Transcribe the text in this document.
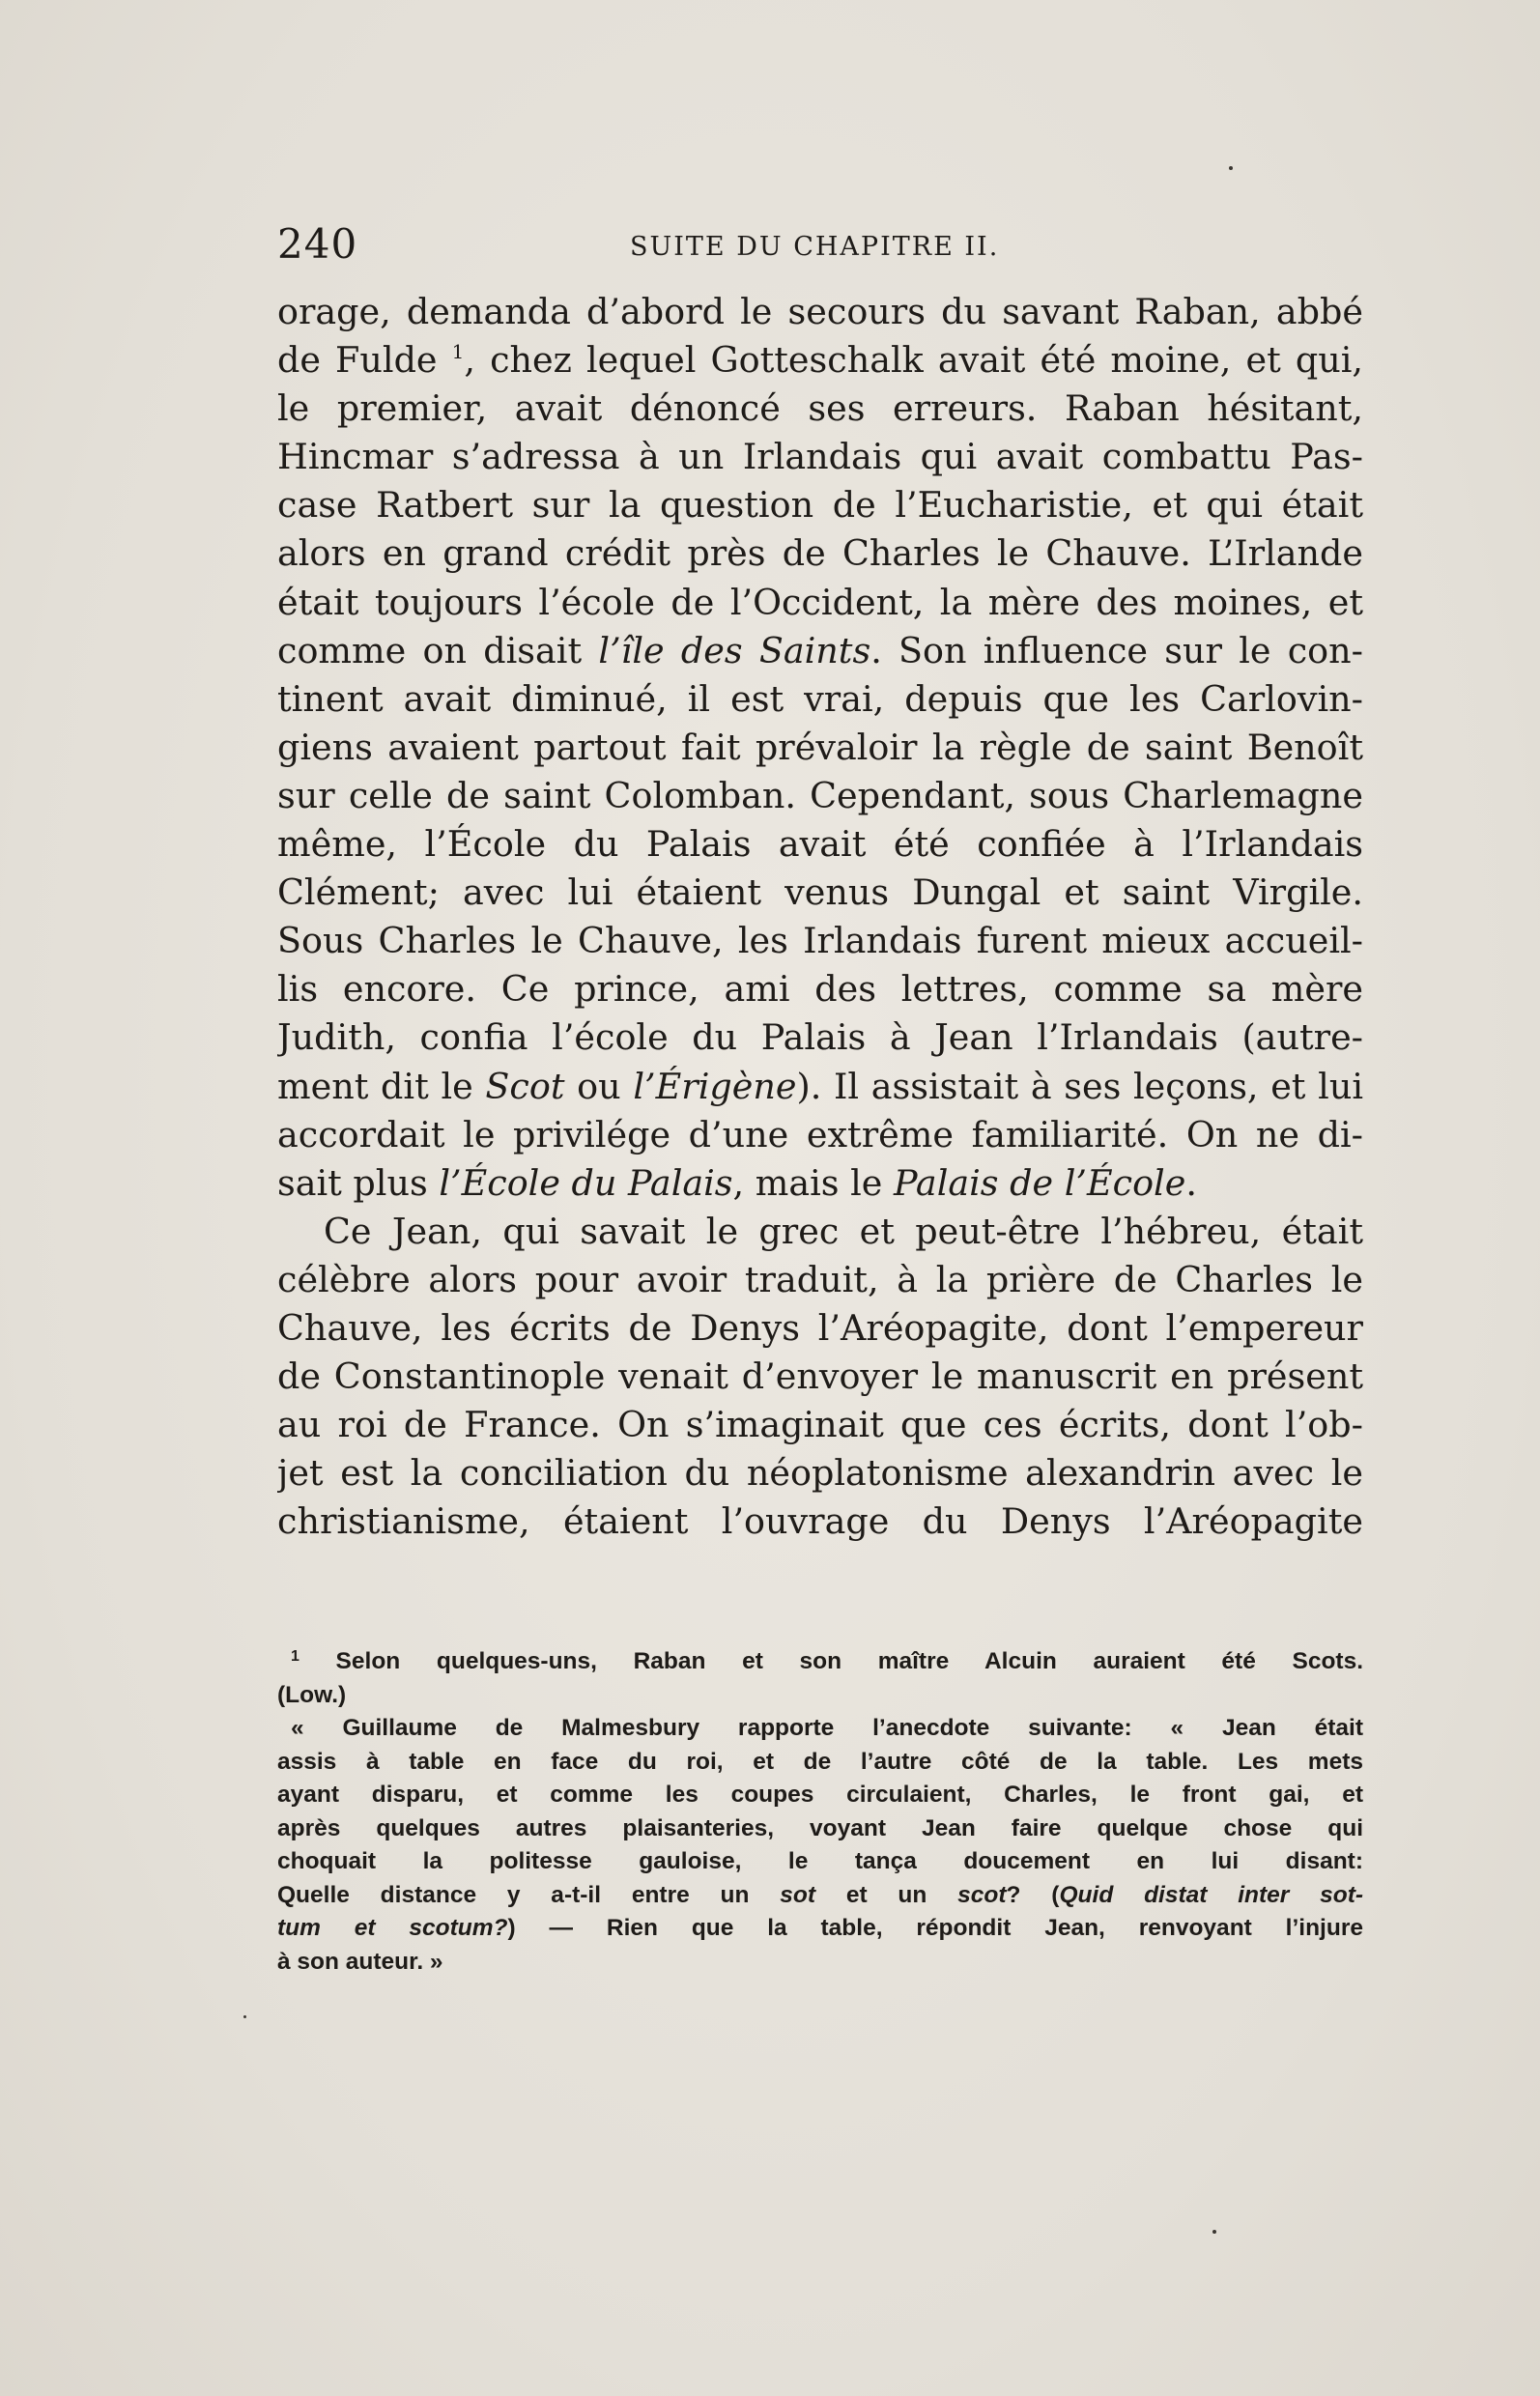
240	SUITE DU CHAPITRE II.
orage, demanda d’abord le secours du savant Raban, abbé
de Fulde $^1$, chez lequel Gotteschalk avait été moine, et qui,
le premier, avait dénoncé ses erreurs. Raban hésitant,
Hincmar s’adressa à un Irlandais qui avait combattu Pas-
case Ratbert sur la question de l’Eucharistie, et qui était
alors en grand crédit près de Charles le Chauve. L’Irlande
était toujours l’école de l’Occident, la mère des moines, et
comme on disait l’île des Saints. Son influence sur le con-
tinent avait diminué, il est vrai, depuis que les Carlovin-
giens avaient partout fait prévaloir la règle de saint Benoît
sur celle de saint Colomban. Cependant, sous Charlemagne
même, l’École du Palais avait été confiée à l’Irlandais
Clément; avec lui étaient venus Dungal et saint Virgile.
Sous Charles le Chauve, les Irlandais furent mieux accueil-
lis encore. Ce prince, ami des lettres, comme sa mère
Judith, confia l’école du Palais à Jean l’Irlandais (autre-
ment dit le Scot ou l’Érigène). Il assistait à ses leçons, et lui
accordait le privilége d’une extrême familiarité. On ne di-
sait plus l’École du Palais, mais le Palais de l’École.
Ce Jean, qui savait le grec et peut-être l’hébreu, était
célèbre alors pour avoir traduit, à la prière de Charles le
Chauve, les écrits de Denys l’Aréopagite, dont l’empereur
de Constantinople venait d’envoyer le manuscrit en présent
au roi de France. On s’imaginait que ces écrits, dont l’ob-
jet est la conciliation du néoplatonisme alexandrin avec le
christianisme, étaient l’ouvrage du Denys l’Aréopagite
$^1$ Selon quelques-uns, Raban et son maître Alcuin auraient été Scots.
(Low.)
« Guillaume de Malmesbury rapporte l’anecdote suivante: « Jean était
assis à table en face du roi, et de l’autre côté de la table. Les mets
ayant disparu, et comme les coupes circulaient, Charles, le front gai, et
après quelques autres plaisanteries, voyant Jean faire quelque chose qui
choquait la politesse gauloise, le tança doucement en lui disant:
Quelle distance y a-t-il entre un sot et un scot? (Quid distat inter sot-
tum et scotum?) — Rien que la table, répondit Jean, renvoyant l’injure
à son auteur. »
